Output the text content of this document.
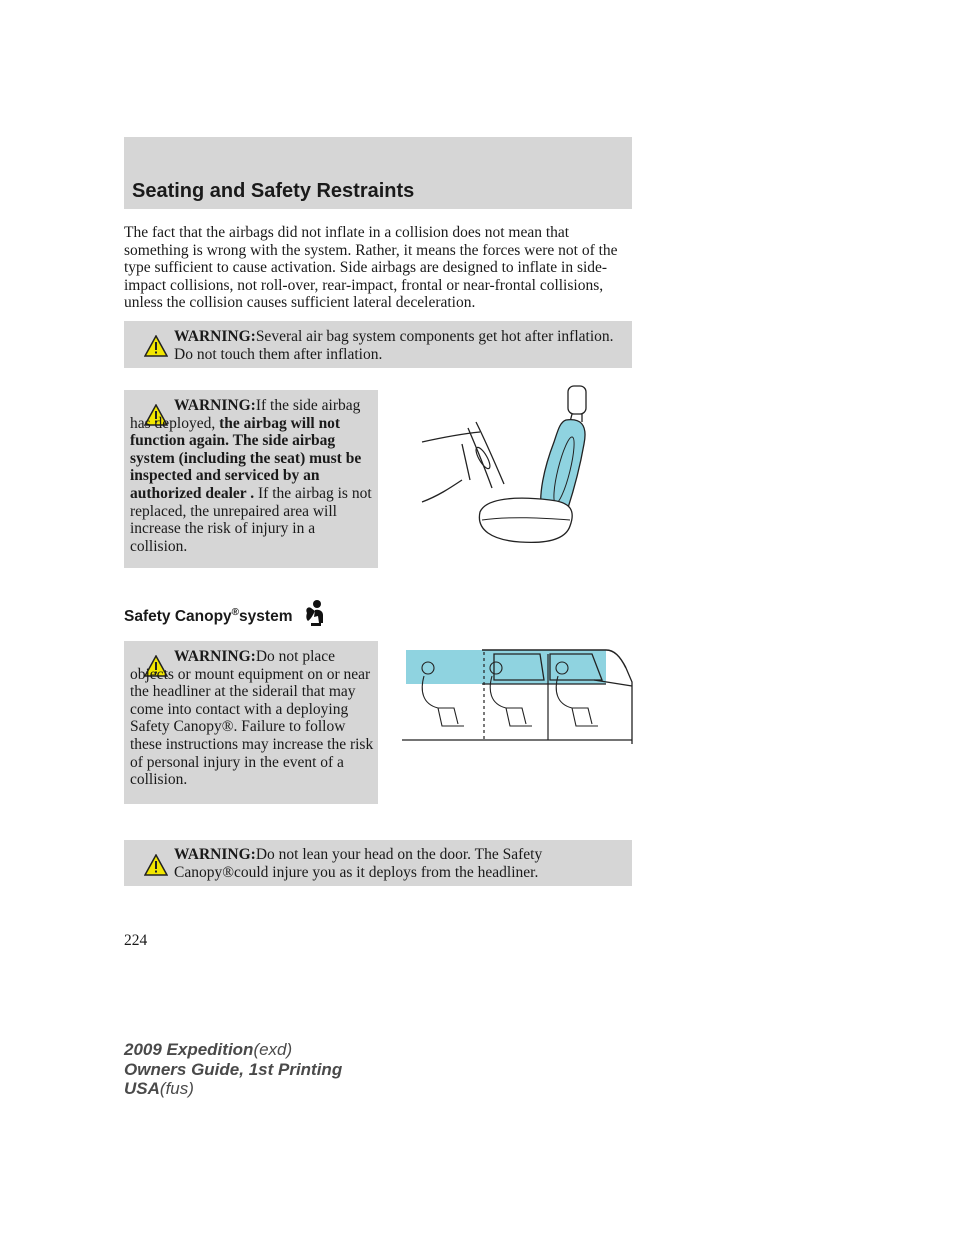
Seating and Safety Restraints

The fact that the airbags did not inflate in a collision does not mean that something is wrong with the system. Rather, it means the forces were not of the type sufficient to cause activation. Side airbags are designed to inflate in side-impact collisions, not roll-over, rear-impact, frontal or near-frontal collisions, unless the collision causes sufficient lateral deceleration.

WARNING:Several air bag system components get hot after inflation. Do not touch them after inflation.
WARNING:If the side airbag has deployed, the airbag will not function again. The side airbag system (including the seat) must be inspected and serviced by an authorized dealer . If the airbag is not replaced, the unrepaired area will increase the risk of injury in a collision.
Safety Canopy®system
WARNING:Do not place objects or mount equipment on or near the headliner at the siderail that may come into contact with a deploying Safety Canopy®. Failure to follow these instructions may increase the risk of personal injury in the event of a collision.
WARNING:Do not lean your head on the door. The Safety Canopy®could injure you as it deploys from the headliner.

224

2009 Expedition(exd)
Owners Guide, 1st Printing
USA(fus)
